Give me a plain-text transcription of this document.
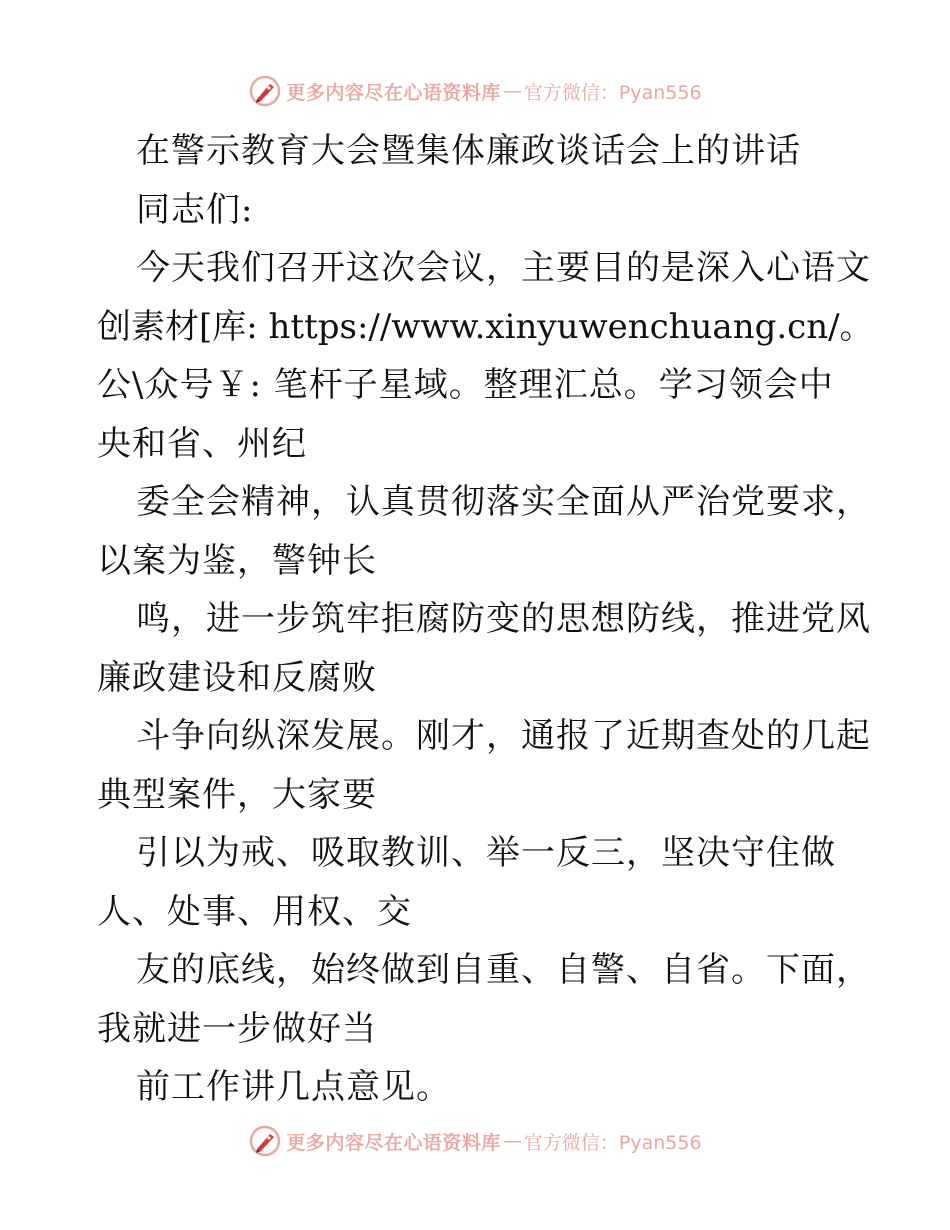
更多内容尽在心语资料库 — 官方微信：Pyan556
在警示教育大会暨集体廉政谈话会上的讲话
同志们:
今天我们召开这次会议，主要目的是深入心语文
创素材[库: https://www.xinyuwenchuang.cn/。
公\众号￥: 笔杆子星域。整理汇总。学习领会中
央和省、州纪
委全会精神，认真贯彻落实全面从严治党要求，
以案为鉴，警钟长
鸣，进一步筑牢拒腐防变的思想防线，推进党风
廉政建设和反腐败
斗争向纵深发展。刚才，通报了近期查处的几起
典型案件，大家要
引以为戒、吸取教训、举一反三，坚决守住做
人、处事、用权、交
友的底线，始终做到自重、自警、自省。下面，
我就进一步做好当
前工作讲几点意见。
更多内容尽在心语资料库 — 官方微信：Pyan556
